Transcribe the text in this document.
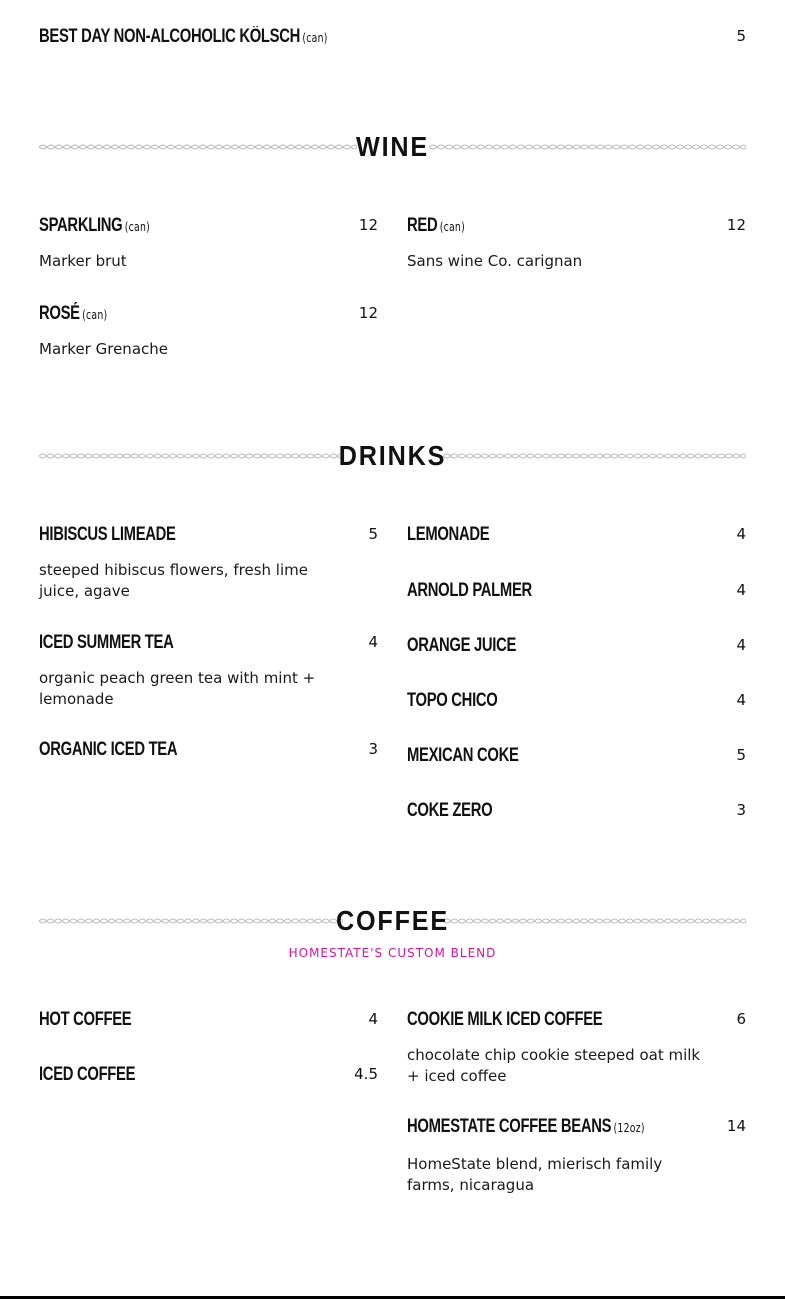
BEST DAY NON-ALCOHOLIC KÖLSCH (can)	5
WINE
SPARKLING (can)	12
Marker brut
ROSÉ (can)	12
Marker Grenache
RED (can)	12
Sans wine Co. carignan
DRINKS
HIBISCUS LIMEADE	5
steeped hibiscus flowers, fresh lime juice, agave
ICED SUMMER TEA	4
organic peach green tea with mint + lemonade
ORGANIC ICED TEA	3
LEMONADE	4
ARNOLD PALMER	4
ORANGE JUICE	4
TOPO CHICO	4
MEXICAN COKE	5
COKE ZERO	3
COFFEE
HOMESTATE'S CUSTOM BLEND
HOT COFFEE	4
ICED COFFEE	4.5
COOKIE MILK ICED COFFEE	6
chocolate chip cookie steeped oat milk + iced coffee
HOMESTATE COFFEE BEANS (12oz)	14
HomeState blend, mierisch family farms, nicaragua
